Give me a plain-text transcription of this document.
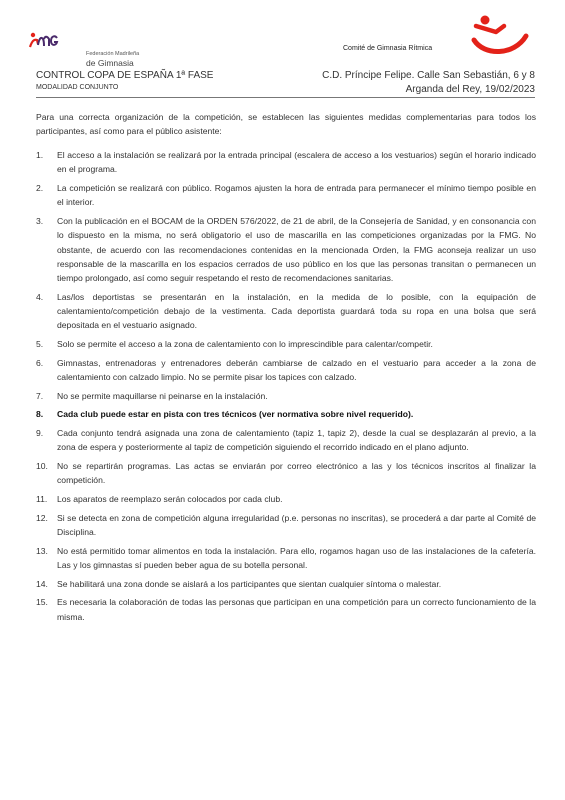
Federación Madrileña
de Gimnasia
Comité de Gimnasia Rítmica
CONTROL COPA DE ESPAÑA 1ª FASE
MODALIDAD CONJUNTO
C.D. Príncipe Felipe. Calle San Sebastián, 6 y 8
Arganda del Rey, 19/02/2023
Para una correcta organización de la competición, se establecen las siguientes medidas complementarias para todos los participantes, así como para el público asistente:
1. El acceso a la instalación se realizará por la entrada principal (escalera de acceso a los vestuarios) según el horario indicado en el programa.
2. La competición se realizará con público. Rogamos ajusten la hora de entrada para permanecer el mínimo tiempo posible en el interior.
3. Con la publicación en el BOCAM de la ORDEN 576/2022, de 21 de abril, de la Consejería de Sanidad, y en consonancia con lo dispuesto en la misma, no será obligatorio el uso de mascarilla en las competiciones organizadas por la FMG. No obstante, de acuerdo con las recomendaciones contenidas en la mencionada Orden, la FMG aconseja realizar un uso responsable de la mascarilla en los espacios cerrados de uso público en los que las personas transitan o permanecen un tiempo prolongado, así como seguir respetando el resto de recomendaciones sanitarias.
4. Las/los deportistas se presentarán en la instalación, en la medida de lo posible, con la equipación de calentamiento/competición debajo de la vestimenta. Cada deportista guardará toda su ropa en una bolsa que será depositada en el vestuario asignado.
5. Solo se permite el acceso a la zona de calentamiento con lo imprescindible para calentar/competir.
6. Gimnastas, entrenadoras y entrenadores deberán cambiarse de calzado en el vestuario para acceder a la zona de calentamiento con calzado limpio. No se permite pisar los tapices con calzado.
7. No se permite maquillarse ni peinarse en la instalación.
8. Cada club puede estar en pista con tres técnicos (ver normativa sobre nivel requerido).
9. Cada conjunto tendrá asignada una zona de calentamiento (tapiz 1, tapiz 2), desde la cual se desplazarán al previo, a la zona de espera y posteriormente al tapiz de competición siguiendo el recorrido indicado en el plano adjunto.
10. No se repartirán programas. Las actas se enviarán por correo electrónico a las y los técnicos inscritos al finalizar la competición.
11. Los aparatos de reemplazo serán colocados por cada club.
12. Si se detecta en zona de competición alguna irregularidad (p.e. personas no inscritas), se procederá a dar parte al Comité de Disciplina.
13. No está permitido tomar alimentos en toda la instalación. Para ello, rogamos hagan uso de las instalaciones de la cafetería. Las y los gimnastas sí pueden beber agua de su botella personal.
14. Se habilitará una zona donde se aislará a los participantes que sientan cualquier síntoma o malestar.
15. Es necesaria la colaboración de todas las personas que participan en una competición para un correcto funcionamiento de la misma.
